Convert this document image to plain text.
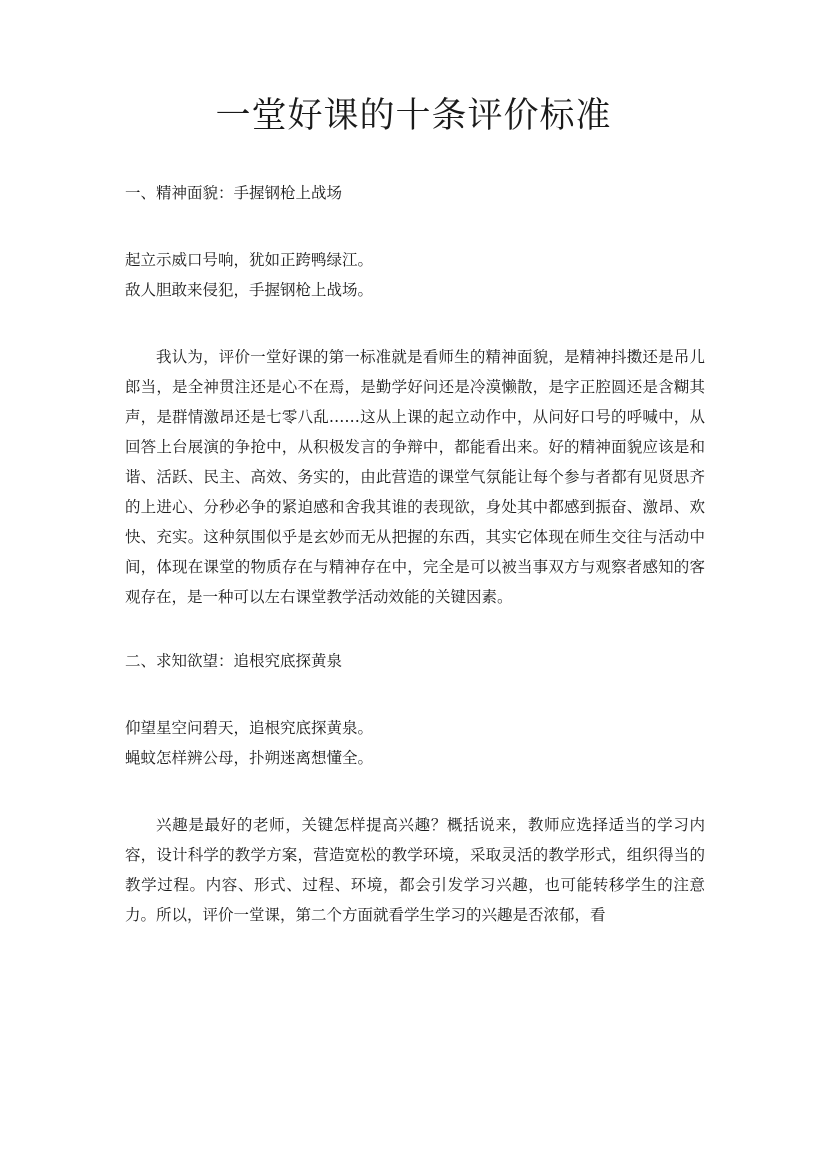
一堂好课的十条评价标准

一、精神面貌：手握钢枪上战场

起立示威口号响，犹如正跨鸭绿江。

敌人胆敢来侵犯，手握钢枪上战场。

我认为，评价一堂好课的第一标准就是看师生的精神面貌，是精神抖擞还是吊儿郎当，是全神贯注还是心不在焉，是勤学好问还是冷漠懒散，是字正腔圆还是含糊其声，是群情激昂还是七零八乱……这从上课的起立动作中，从问好口号的呼喊中，从回答上台展演的争抢中，从积极发言的争辩中，都能看出来。好的精神面貌应该是和谐、活跃、民主、高效、务实的，由此营造的课堂气氛能让每个参与者都有见贤思齐的上进心、分秒必争的紧迫感和舍我其谁的表现欲，身处其中都感到振奋、激昂、欢快、充实。这种氛围似乎是玄妙而无从把握的东西，其实它体现在师生交往与活动中间，体现在课堂的物质存在与精神存在中，完全是可以被当事双方与观察者感知的客观存在，是一种可以左右课堂教学活动效能的关键因素。

二、求知欲望：追根究底探黄泉

仰望星空问碧天，追根究底探黄泉。

蝇蚊怎样辨公母，扑朔迷离想懂全。

兴趣是最好的老师，关键怎样提高兴趣？概括说来，教师应选择适当的学习内容，设计科学的教学方案，营造宽松的教学环境，采取灵活的教学形式，组织得当的教学过程。内容、形式、过程、环境，都会引发学习兴趣，也可能转移学生的注意力。所以，评价一堂课，第二个方面就看学生学习的兴趣是否浓郁，看
